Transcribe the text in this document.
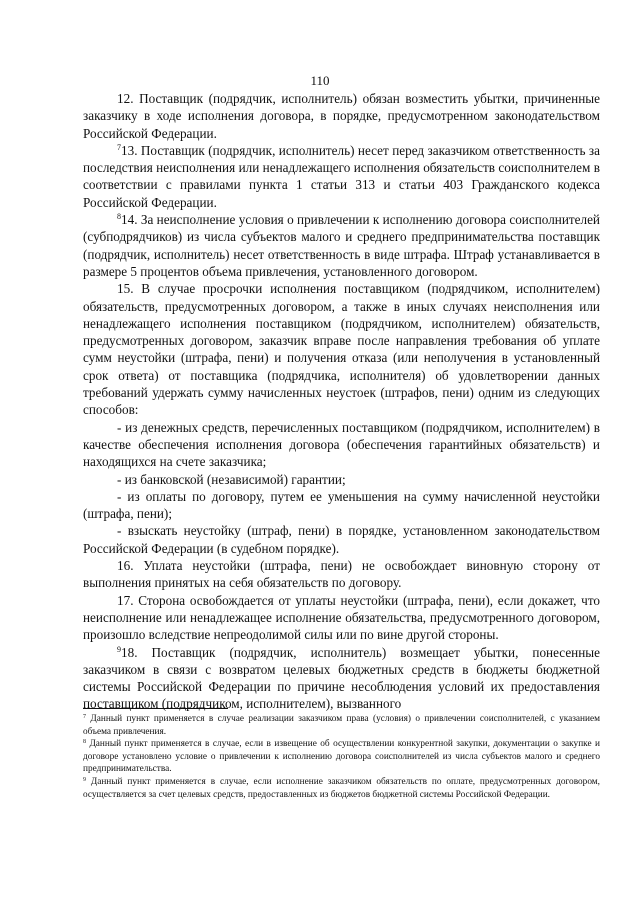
110

12. Поставщик (подрядчик, исполнитель) обязан возместить убытки, причиненные заказчику в ходе исполнения договора, в порядке, предусмотренном законодательством Российской Федерации.

$^7$13. Поставщик (подрядчик, исполнитель) несет перед заказчиком ответственность за последствия неисполнения или ненадлежащего исполнения обязательств соисполнителем в соответствии с правилами пункта 1 статьи 313 и статьи 403 Гражданского кодекса Российской Федерации.

$^8$14. За неисполнение условия о привлечении к исполнению договора соисполнителей (субподрядчиков) из числа субъектов малого и среднего предпринимательства поставщик (подрядчик, исполнитель) несет ответственность в виде штрафа. Штраф устанавливается в размере 5 процентов объема привлечения, установленного договором.

15. В случае просрочки исполнения поставщиком (подрядчиком, исполнителем) обязательств, предусмотренных договором, а также в иных случаях неисполнения или ненадлежащего исполнения поставщиком (подрядчиком, исполнителем) обязательств, предусмотренных договором, заказчик вправе после направления требования об уплате сумм неустойки (штрафа, пени) и получения отказа (или неполучения в установленный срок ответа) от поставщика (подрядчика, исполнителя) об удовлетворении данных требований удержать сумму начисленных неустоек (штрафов, пени) одним из следующих способов:

- из денежных средств, перечисленных поставщиком (подрядчиком, исполнителем) в качестве обеспечения исполнения договора (обеспечения гарантийных обязательств) и находящихся на счете заказчика;

- из банковской (независимой) гарантии;

- из оплаты по договору, путем ее уменьшения на сумму начисленной неустойки (штрафа, пени);

- взыскать неустойку (штраф, пени) в порядке, установленном законодательством Российской Федерации (в судебном порядке).

16. Уплата неустойки (штрафа, пени) не освобождает виновную сторону от выполнения принятых на себя обязательств по договору.

17. Сторона освобождается от уплаты неустойки (штрафа, пени), если докажет, что неисполнение или ненадлежащее исполнение обязательства, предусмотренного договором, произошло вследствие непреодолимой силы или по вине другой стороны.

$^9$18. Поставщик (подрядчик, исполнитель) возмещает убытки, понесенные заказчиком в связи с возвратом целевых бюджетных средств в бюджеты бюджетной системы Российской Федерации по причине несоблюдения условий их предоставления поставщиком (подрядчиком, исполнителем), вызванного

$^7$ Данный пункт применяется в случае реализации заказчиком права (условия) о привлечении соисполнителей, с указанием объема привлечения.

$^8$ Данный пункт применяется в случае, если в извещение об осуществлении конкурентной закупки, документации о закупке и договоре установлено условие о привлечении к исполнению договора соисполнителей из числа субъектов малого и среднего предпринимательства.

$^9$ Данный пункт применяется в случае, если исполнение заказчиком обязательств по оплате, предусмотренных договором, осуществляется за счет целевых средств, предоставленных из бюджетов бюджетной системы Российской Федерации.
